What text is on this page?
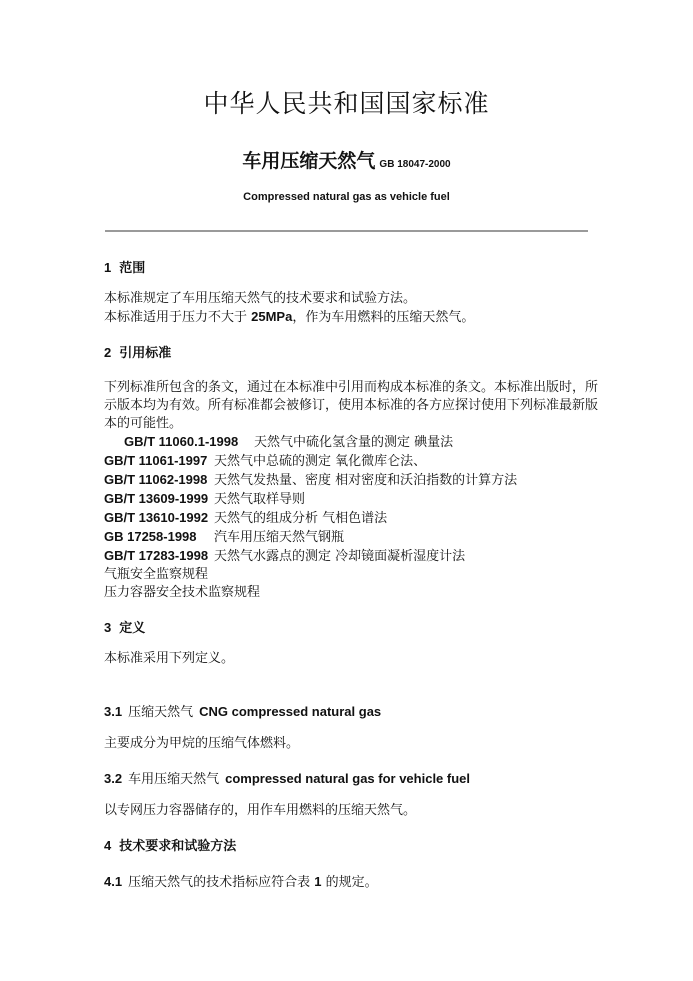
中华人民共和国国家标准
车用压缩天然气 GB 18047-2000
Compressed natural gas as vehicle fuel
1 范围

本标准规定了车用压缩天然气的技术要求和试验方法。

本标准适用于压力不大于 25MPa，作为车用燃料的压缩天然气。

2 引用标准

下列标准所包含的条文，通过在本标准中引用而构成本标准的条文。本标准出版时，所示版本均为有效。所有标准都会被修订，使用本标准的各方应探讨使用下列标准最新版本的可能性。

GB/T 11060.1-1998 天然气中硫化氢含量的测定 碘量法
GB/T 11061-1997 天然气中总硫的测定 氧化微库仑法、
GB/T 11062-1998 天然气发热量、密度 相对密度和沃泊指数的计算方法
GB/T 13609-1999 天然气取样导则
GB/T 13610-1992 天然气的组成分析 气相色谱法
GB 17258-1998 汽车用压缩天然气钢瓶
GB/T 17283-1998 天然气水露点的测定 冷却镜面凝析湿度计法
气瓶安全监察规程
压力容器安全技术监察规程
3 定义

本标准采用下列定义。

3.1 压缩天然气 CNG compressed natural gas

主要成分为甲烷的压缩气体燃料。

3.2 车用压缩天然气 compressed natural gas for vehicle fuel

以专网压力容器储存的，用作车用燃料的压缩天然气。

4 技术要求和试验方法
4.1 压缩天然气的技术指标应符合表 1 的规定。
